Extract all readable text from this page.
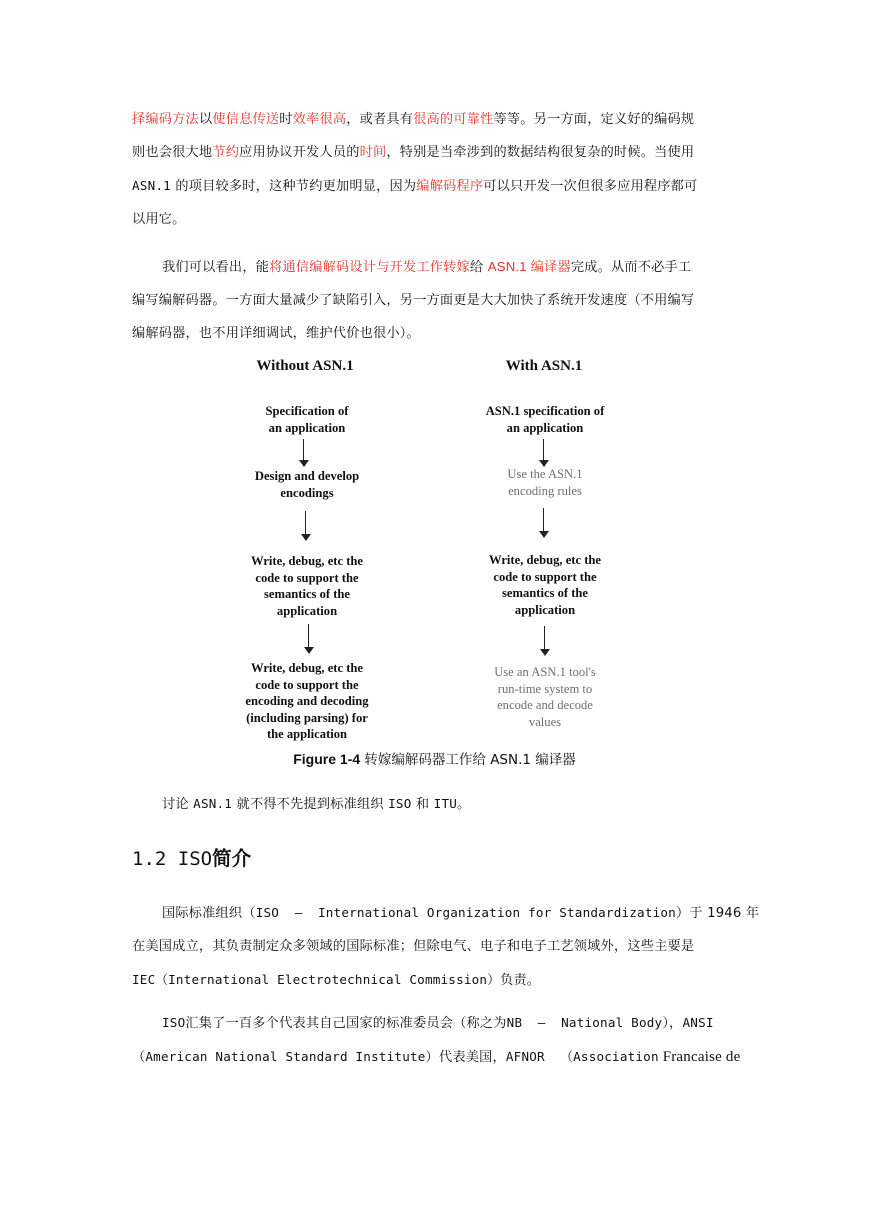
择编码方法以使信息传送时效率很高，或者具有很高的可靠性等等。另一方面，定义好的编码规

则也会很大地节约应用协议开发人员的时间，特别是当牵涉到的数据结构很复杂的时候。当使用

ASN.1 的项目较多时，这种节约更加明显，因为编解码程序可以只开发一次但很多应用程序都可

以用它。

我们可以看出，能将通信编解码设计与开发工作转嫁给 ASN.1 编译器完成。从而不必手工

编写编解码器。一方面大量减少了缺陷引入，另一方面更是大大加快了系统开发速度（不用编写

编解码器，也不用详细调试，维护代价也很小）。

Without ASN.1	With ASN.1
Specification of
an application
Design and develop
encodings
Write, debug, etc the
code to support the
semantics of the
application
Write, debug, etc the
code to support the
encoding and decoding
(including parsing) for
the application
ASN.1 specification of
an application
Use the ASN.1
encoding rules
Write, debug, etc the
code to support the
semantics of the
application
Use an ASN.1 tool's
run-time system to
encode and decode
values
Figure 1-4 转嫁编解码器工作给 ASN.1 编译器

讨论 ASN.1 就不得不先提到标准组织 ISO 和 ITU。

1.2 ISO简介

国际标准组织（ISO  –  International Organization for Standardization）于 1946 年

在美国成立，其负责制定众多领域的国际标准；但除电气、电子和电子工艺领域外，这些主要是

IEC（International Electrotechnical Commission）负责。

ISO汇集了一百多个代表其自己国家的标准委员会（称之为NB  –  National Body），ANSI

（American National Standard Institute）代表美国，AFNOR  （Association Francaise de
